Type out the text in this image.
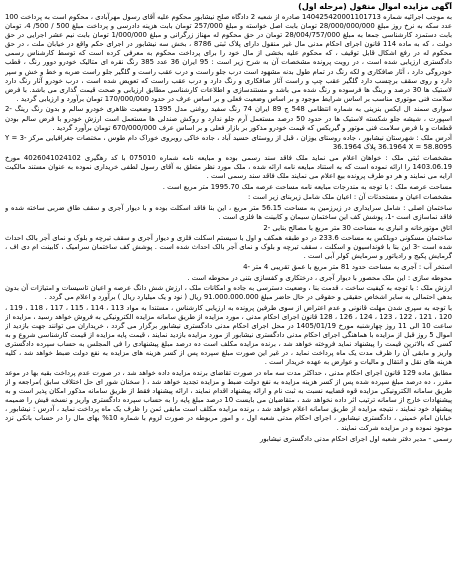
آگهی مزایده اموال منقول (مرحله اول)

به موجب اجرائیه شماره 140425420001101713 صادره از شعبه 2 دادگاه صلح نیشابور محکوم علیه آقای رسول مهرآبادی ، محکوم است به پرداخت 100 عدد سکه به نرخ روز مبلغ 28/000/000/000 تومان بابت اصل خواسته و مبلغ 257/000 تومان بابت هزینه دادرسی و پرداخت مبلغ 500 / 500/ 4، تومان بابت دستمزد کارشناسی جمعا به مبلغ 28/004/757/000 تومان در حق محکوم له مهناز زرگرانی و مبلغ 1/000/000 تومان بابت نیم عشر اجرایی در حق دولت ، که به ماده 114 قانون اجرای احکام مدنی مال غیر منقول دارای پلاک ثبتی 8786 ، بخش سه نیشابور در اجرای حکم واقع در خیابان ملت ، در حق محکوم له در رفع اشکال قابل توقیف ، که محکوم علیه بخشی از مال خود را برای پرداخت محکوم به معرفی کرده است که توسط کارشناس رسمی دادگستری ارزیابی شده است ، در رویت پرونده مشخصات آن به شرح زیر است : 95 ایران 36 عدد 385 رنگ نقره ای متالیک خودرو دوور رنگ ، قطب خودروگی دارد ، آثار صافکاری و لکه رنگ در تمام طول بدنه مشهود است درب جلو راست و درب عقب راست و گلگیر جلو راست ضربه و خط و خش و سپر دارد و روی سقف برچسب دارد گلگیر عقب چپ و راست آثار صافکاری و رنگ دارد و درب عقب راست که تعویض شده است ، درب خودرو آثار رنگ دارد لاستیک ها 30 درصد و رینگ ها فرسوده و رنگ شده می باشد و مستندسازی و اطلاعات کارشناسی مطابق ارزیابی و صحت قیمت گذاری می باشد. با فرض سلامت فنی موتوری مناسب بر اساس شرایط موجود و بر اساس وضعیت فعلی و بر اساس عرف در حدود 170/000/000 تومان برآورد و ارزیابی گردید .

سواری سمند ال ایکس بنزینی به شماره انتظامی 548 ج 89 ایران 74 رنگ سفید روغنی مدل 1395 وضعیت ظاهری خودرو سالم و بدون رنگ رینگ -2 اسپورت ، شیشه جلو شکسته لاستیک ها در حدود 50 درصد مستعمل آرم جلو ندارد و روکش صندلی ها مستعمل است ارزش خودرو با فرض سالم بودن قطعات و با فرض سلامت فنی موتور و گیربکس که قیمت خودرو مذکور بر بازار فعلی و بر اساس عرف 670/000/000 تومان برآورد گردید .

آدرس ملک : شهرستان نیشابور ، جاده روستای یوزان ، قبل از روستای حسید آباد ، جاده خاکی روبروی خوراک دام طوس ، مختصات جغرافیایی مرکز -3 Y = 36.1964 X = 58.8095 پلاک 36.1964

مشخصات ثبتی ملک : خواهان اعلام می نماید ملک فاقد سند رسمی بوده و مبایعه نامه شماره 075010 با کد رهگیری 4026041024102 مورخ 1403.06.19 را ارائه نموده است که به استناد مبایعه نامه ارائه شده ، ملک مورد نظر متعلق به آقای رسول لطفی خریداری نموده به عنوان مستند مالکیت ارایه می نمایند و هر دو طرف پرونده بیع اعلام می نمایند ملک فاقد سند رسمی است .

مساحت عرصه ملک : با توجه به مندرجات مبایعه نامه مساحت عرصه ملک 1995.70 متر مربع است .

مشخصات اعیان و مستحدثات آن : اعیان ملک شامل زیربنای زیر است :

ساختمان اصلی : شامل سرایداری در زیرزمین به مساحت 56.15 متر مربع ، این بنا فاقد اسکلت بوده و با دیوار آجری و سقف طاق ضربی ساخته شده و فاقد نماسازی است -1، پوشش کف این ساختمان سیمان و کابینت ها فلزی است .

اتاق موتورخانه و انباری به مساحت 30 متر مربع با مصالح بنایی -2

ساختمان مسکونی دوبلکس به مساحت 233.6 در دو طبقه همکف و اول با سیستم اسکلت فلزی و دیوار آجری و سقف تیرچه و بلوک و نمای آجر بالک احداث شده است -3 این بنا با فونداسیون و اسکلت ، سقف تیرچه و بلوک و نمای آجر بالک احداث شده است . پوشش کف ساختمان سرامیک ، کابینت ام دی اف ، گرمایش پکیج و رادیاتور و سرمایش کولر آبی است .

استخر آب : آجری به مساحت حدود 81 متر مربع با عمق تقریبی 4 متر -4

محوطه سازی : این ملک محصور با دیوار آجری ، درختکاری و کفسازی بتنی در محوطه است .

ارزش ملک : با توجه به کیفیت ساخت ، قدمت بنا ، وضعیت دسترسی به جاده و امکانات ملک ، ارزش شش دانگ عرصه و اعیان تاسیسات و امتیازات آن بدون بدهی احتمالی به سایر اشخاص حقیقی و حقوقی در حال حاضر مبلغ 91.000.000.000 ریال ( نود و یک میلیارد ریال ) برآورد و اعلام می گردد .

با توجه به سپری شدن مهلت قانونی و عدم اعتراض از سوی طرفین پرونده به ارزیابی کارشناس ، مستندا به مواد 113 ، 114 ، 115 ، 117 ، 118 ، 119 ، 120 ، 121 ، 122 ، 123 ، 124 ، 126 ، 128 قانون اجرای احکام مدنی ، مورد مزایده از طریق سامانه مزایده الکترونیکی به فروش خواهد رسید ، مزایده از ساعت 10 الی 11 روز چهارشنبه مورخ 1405/01/19 در محل اجرای احکام مدنی دادگستری نیشابور برگزار می گردد ، خریداران می توانند جهت بازدید از اموال 5 روز قبل از مزایده با هماهنگی اجرای احکام مدنی دادگستری نیشابور از مورد مزایده بازدید نمایند ، قیمت پایه مزایده از قیمت کارشناسی شروع و به کسی که بالاترین قیمت را پیشنهاد نماید فروخته خواهد شد ، برنده مزایده مکلف است ده درصد مبلغ پیشنهادی را فی المجلس به حساب سپرده دادگستری واریز و مابقی آن را ظرف مدت یک ماه پرداخت نماید ، در غیر این صورت مبلغ سپرده پس از کسر هزینه های مزایده به نفع دولت ضبط خواهد شد ، کلیه هزینه های نقل و انتقال و مالیات و عوارض به عهده خریدار است .

مطابق ماده 129 قانون اجرای احکام مدنی ، حداکثر مدت سه ماه در صورت تقاضای برنده مزایده داده خواهد شد ، در صورت عدم پرداخت بقیه بها در موعد مقرر ، ده درصد مبلغ سپرده شده پس از کسر هزینه مزایده به نفع دولت ضبط و مزایده تجدید خواهد شد ، ( سخنان شور ای حل اختلاف سابق )مراجعه و از طریق سامانه الکترونیکی مزایده قوه قضاییه نسبت به ثبت نام و ارائه پیشنهاد اقدام نمایند ، ارائه پیشنهاد فقط از طریق سامانه مذکور امکان پذیر است و به پیشنهادات خارج از سامانه ترتیب اثر داده نخواهد شد ، متقاضیان می بایست 10 درصد مبلغ پایه را به حساب سپرده دادگستری واریز و نسخه فیش را ضمیمه پیشنهاد خود نمایند ، نتیجه مزایده از طریق سامانه اعلام خواهد شد ، برنده مزایده مکلف است مابقی ثمن را ظرف یک ماه پرداخت نماید ، آدرس : نیشابور ، خیابان امام خمینی ، دادگستری نیشابور ، اجرای احکام مدنی شعبه اول ، و امور مربوطه در صورت لزوم با شماره 10% بهای مال را در حساب بانکی نزد موجود نموده و در مزایده شرکت نمایند .

رسمی - مدیر دفتر شعبه اول اجرای احکام مدنی دادگستری نیشابور
